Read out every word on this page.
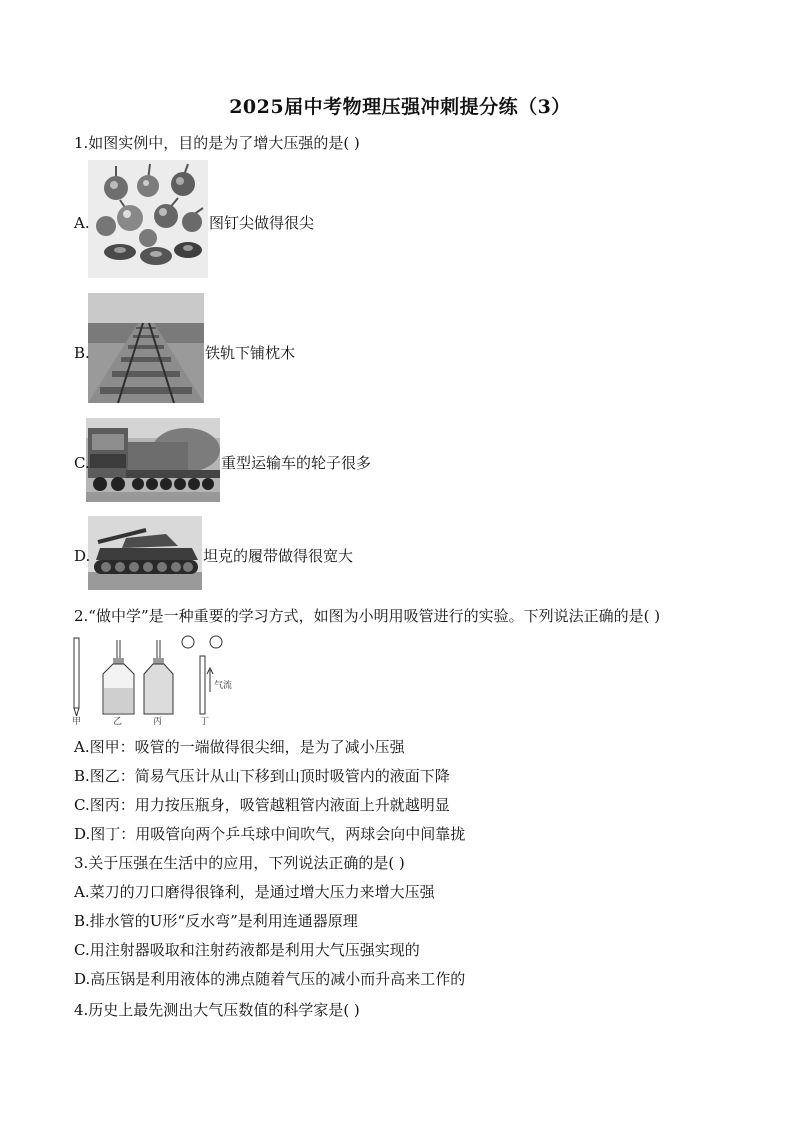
2025届中考物理压强冲刺提分练（3）
1.如图实例中，目的是为了增大压强的是( )
A.	图钉尖做得很尖
B.	铁轨下铺枕木
C.	重型运输车的轮子很多
D.	坦克的履带做得很宽大
2.“做中学”是一种重要的学习方式，如图为小明用吸管进行的实验。下列说法正确的是( )
气流
甲	乙	丙	丁
A.图甲：吸管的一端做得很尖细，是为了减小压强
B.图乙：简易气压计从山下移到山顶时吸管内的液面下降
C.图丙：用力按压瓶身，吸管越粗管内液面上升就越明显
D.图丁：用吸管向两个乒乓球中间吹气，两球会向中间靠拢
3.关于压强在生活中的应用，下列说法正确的是( )
A.菜刀的刀口磨得很锋利，是通过增大压力来增大压强
B.排水管的U形“反水弯”是利用连通器原理
C.用注射器吸取和注射药液都是利用大气压强实现的
D.高压锅是利用液体的沸点随着气压的减小而升高来工作的
4.历史上最先测出大气压数值的科学家是( )
